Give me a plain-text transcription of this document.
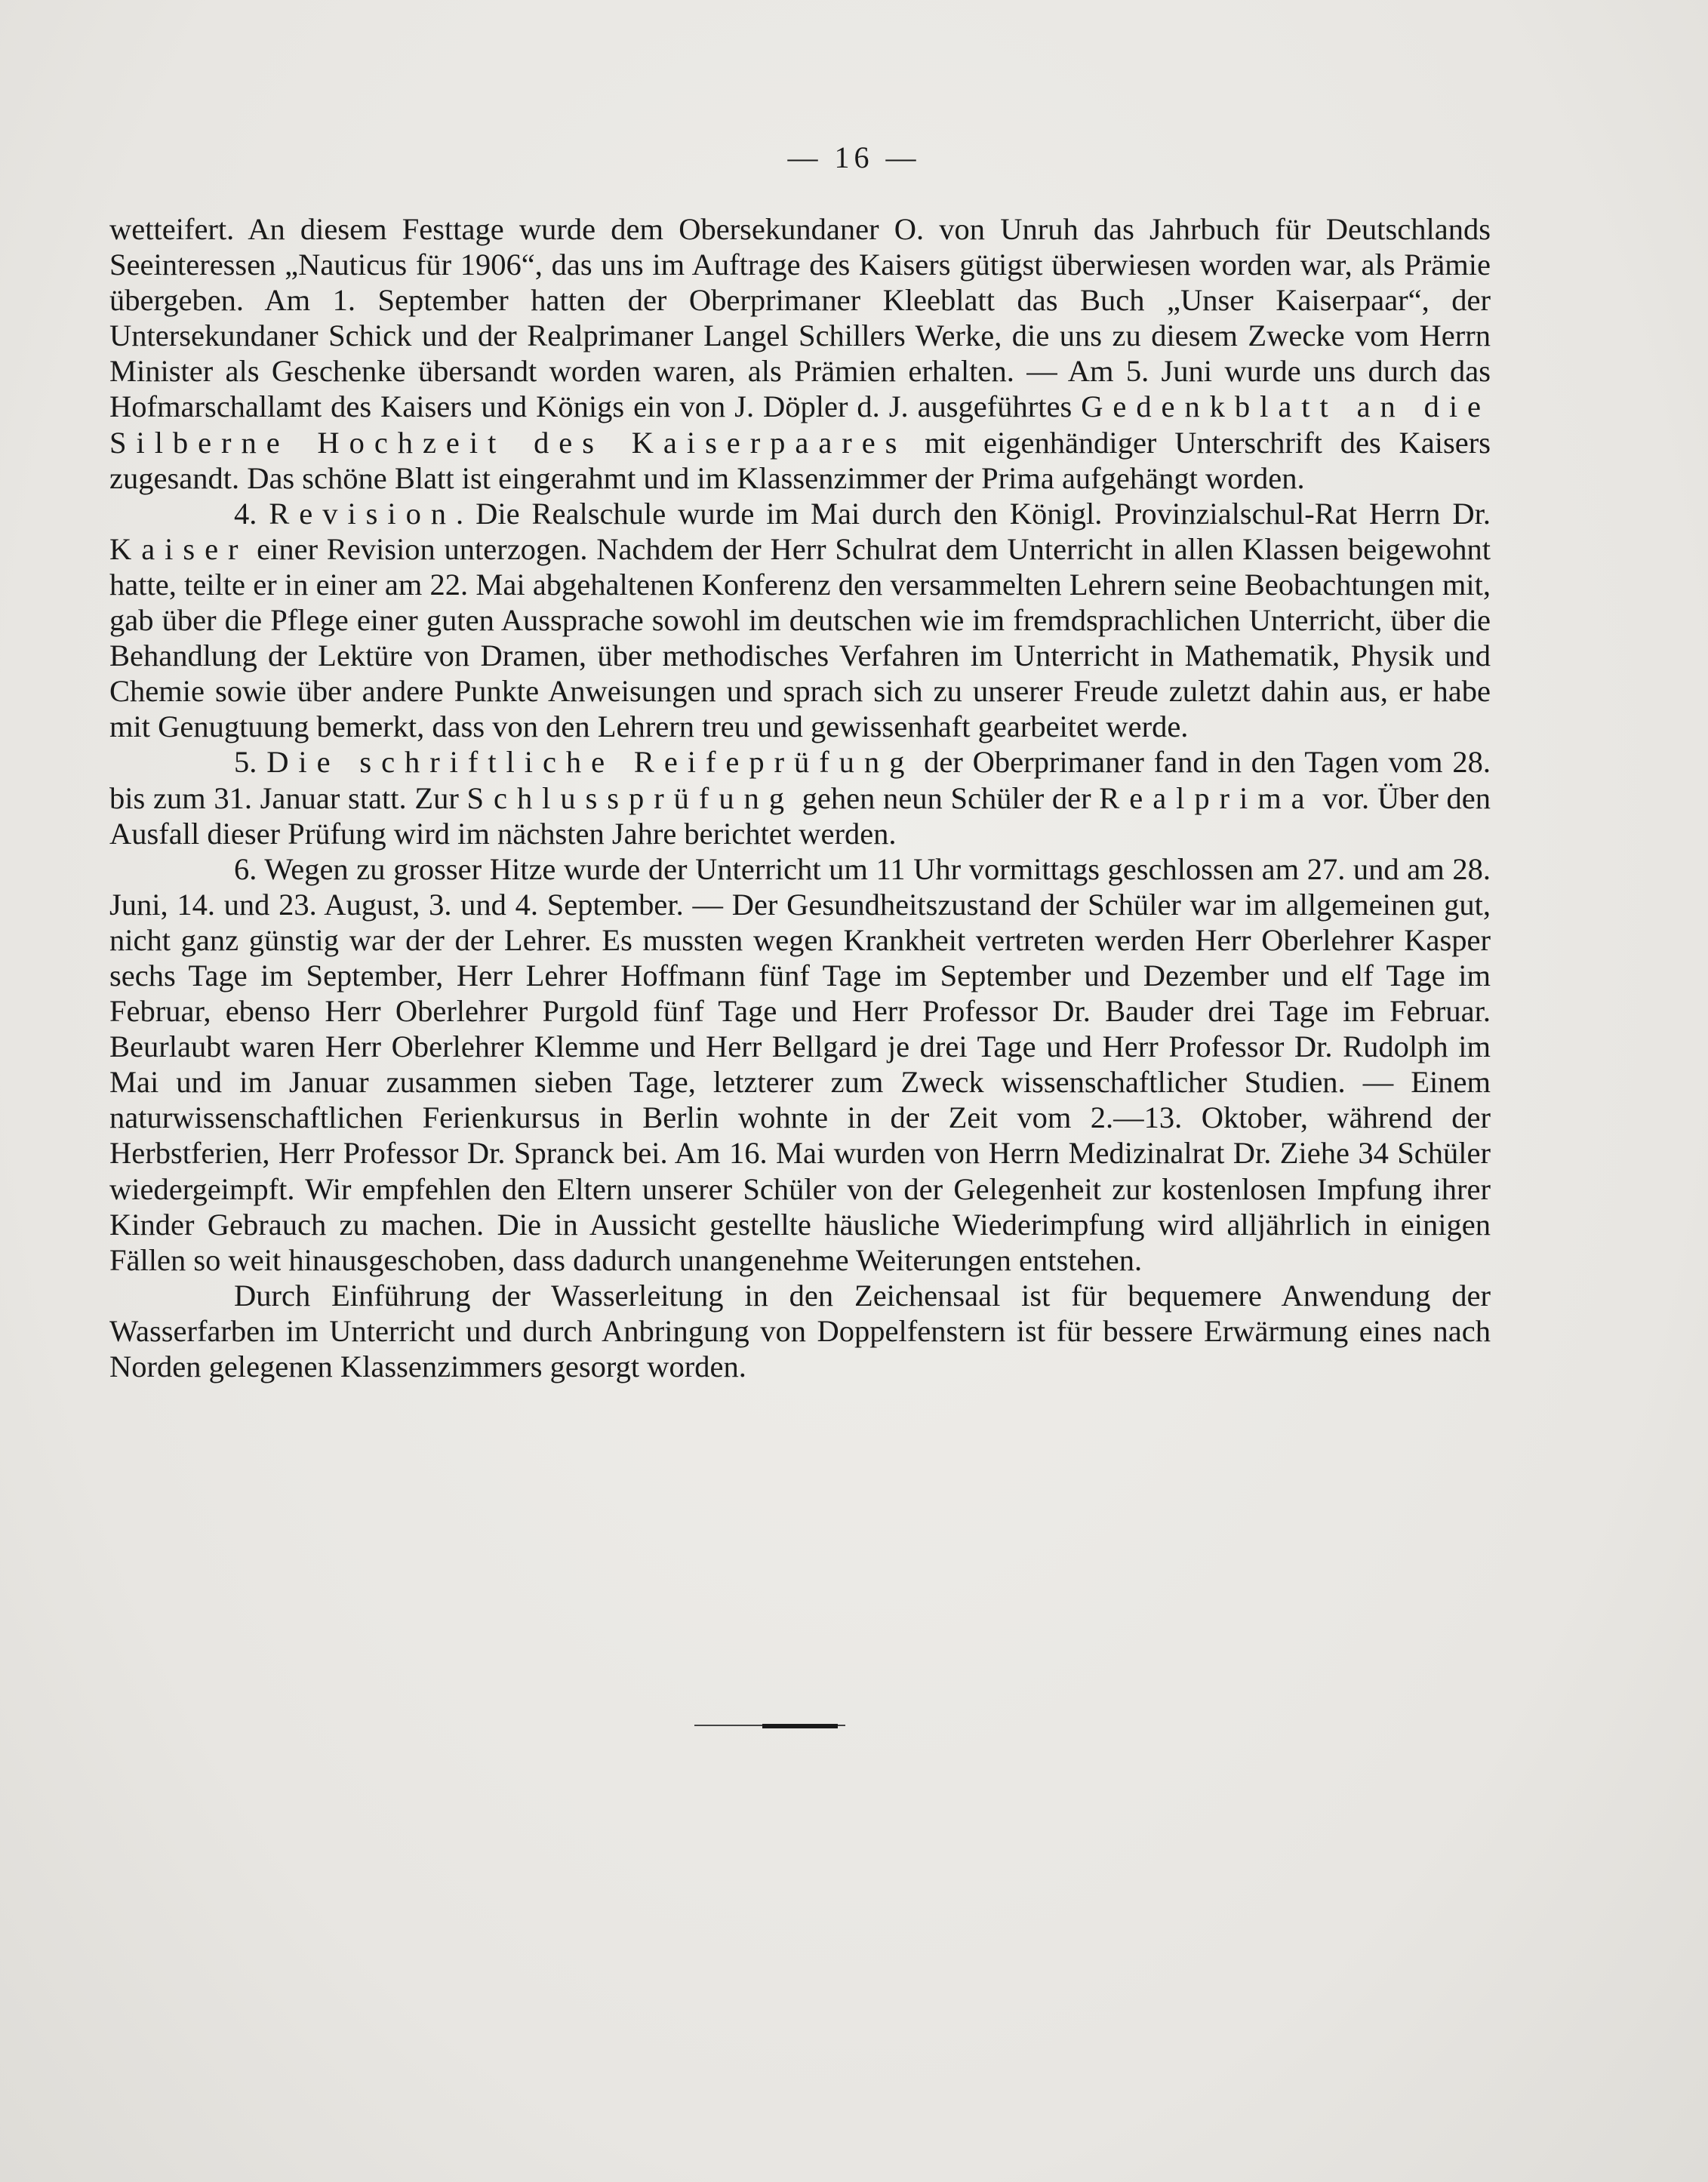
— 16 —

wetteifert. An diesem Festtage wurde dem Obersekundaner O. von Unruh das Jahrbuch für Deutschlands Seeinteressen „Nauticus für 1906“, das uns im Auftrage des Kaisers gütigst überwiesen worden war, als Prämie übergeben. Am 1. September hatten der Oberprimaner Kleeblatt das Buch „Unser Kaiserpaar“, der Untersekundaner Schick und der Realprimaner Langel Schillers Werke, die uns zu diesem Zwecke vom Herrn Minister als Geschenke übersandt worden waren, als Prämien erhalten. — Am 5. Juni wurde uns durch das Hofmarschallamt des Kaisers und Königs ein von J. Döpler d. J. ausgeführtes Gedenkblatt an die Silberne Hochzeit des Kaiserpaares mit eigenhändiger Unterschrift des Kaisers zugesandt. Das schöne Blatt ist eingerahmt und im Klassenzimmer der Prima aufgehängt worden.

4. Revision. Die Realschule wurde im Mai durch den Königl. Provinzialschul-Rat Herrn Dr. Kaiser einer Revision unterzogen. Nachdem der Herr Schulrat dem Unterricht in allen Klassen beigewohnt hatte, teilte er in einer am 22. Mai abgehaltenen Konferenz den versammelten Lehrern seine Beobachtungen mit, gab über die Pflege einer guten Aussprache sowohl im deutschen wie im fremdsprachlichen Unterricht, über die Behandlung der Lektüre von Dramen, über methodisches Verfahren im Unterricht in Mathematik, Physik und Chemie sowie über andere Punkte Anweisungen und sprach sich zu unserer Freude zuletzt dahin aus, er habe mit Genugtuung bemerkt, dass von den Lehrern treu und gewissenhaft gearbeitet werde.

5. Die schriftliche Reifeprüfung der Oberprimaner fand in den Tagen vom 28. bis zum 31. Januar statt. Zur Schlussprüfung gehen neun Schüler der Realprima vor. Über den Ausfall dieser Prüfung wird im nächsten Jahre berichtet werden.

6. Wegen zu grosser Hitze wurde der Unterricht um 11 Uhr vormittags geschlossen am 27. und am 28. Juni, 14. und 23. August, 3. und 4. September. — Der Gesundheitszustand der Schüler war im allgemeinen gut, nicht ganz günstig war der der Lehrer. Es mussten wegen Krankheit vertreten werden Herr Oberlehrer Kasper sechs Tage im September, Herr Lehrer Hoffmann fünf Tage im September und Dezember und elf Tage im Februar, ebenso Herr Oberlehrer Purgold fünf Tage und Herr Professor Dr. Bauder drei Tage im Februar. Beurlaubt waren Herr Oberlehrer Klemme und Herr Bellgard je drei Tage und Herr Professor Dr. Rudolph im Mai und im Januar zusammen sieben Tage, letzterer zum Zweck wissenschaftlicher Studien. — Einem naturwissenschaftlichen Ferienkursus in Berlin wohnte in der Zeit vom 2.—13. Oktober, während der Herbstferien, Herr Professor Dr. Spranck bei. Am 16. Mai wurden von Herrn Medizinalrat Dr. Ziehe 34 Schüler wiedergeimpft. Wir empfehlen den Eltern unserer Schüler von der Gelegenheit zur kostenlosen Impfung ihrer Kinder Gebrauch zu machen. Die in Aussicht gestellte häusliche Wiederimpfung wird alljährlich in einigen Fällen so weit hinausgeschoben, dass dadurch unangenehme Weiterungen entstehen.

Durch Einführung der Wasserleitung in den Zeichensaal ist für bequemere Anwendung der Wasserfarben im Unterricht und durch Anbringung von Doppelfenstern ist für bessere Erwärmung eines nach Norden gelegenen Klassenzimmers gesorgt worden.
